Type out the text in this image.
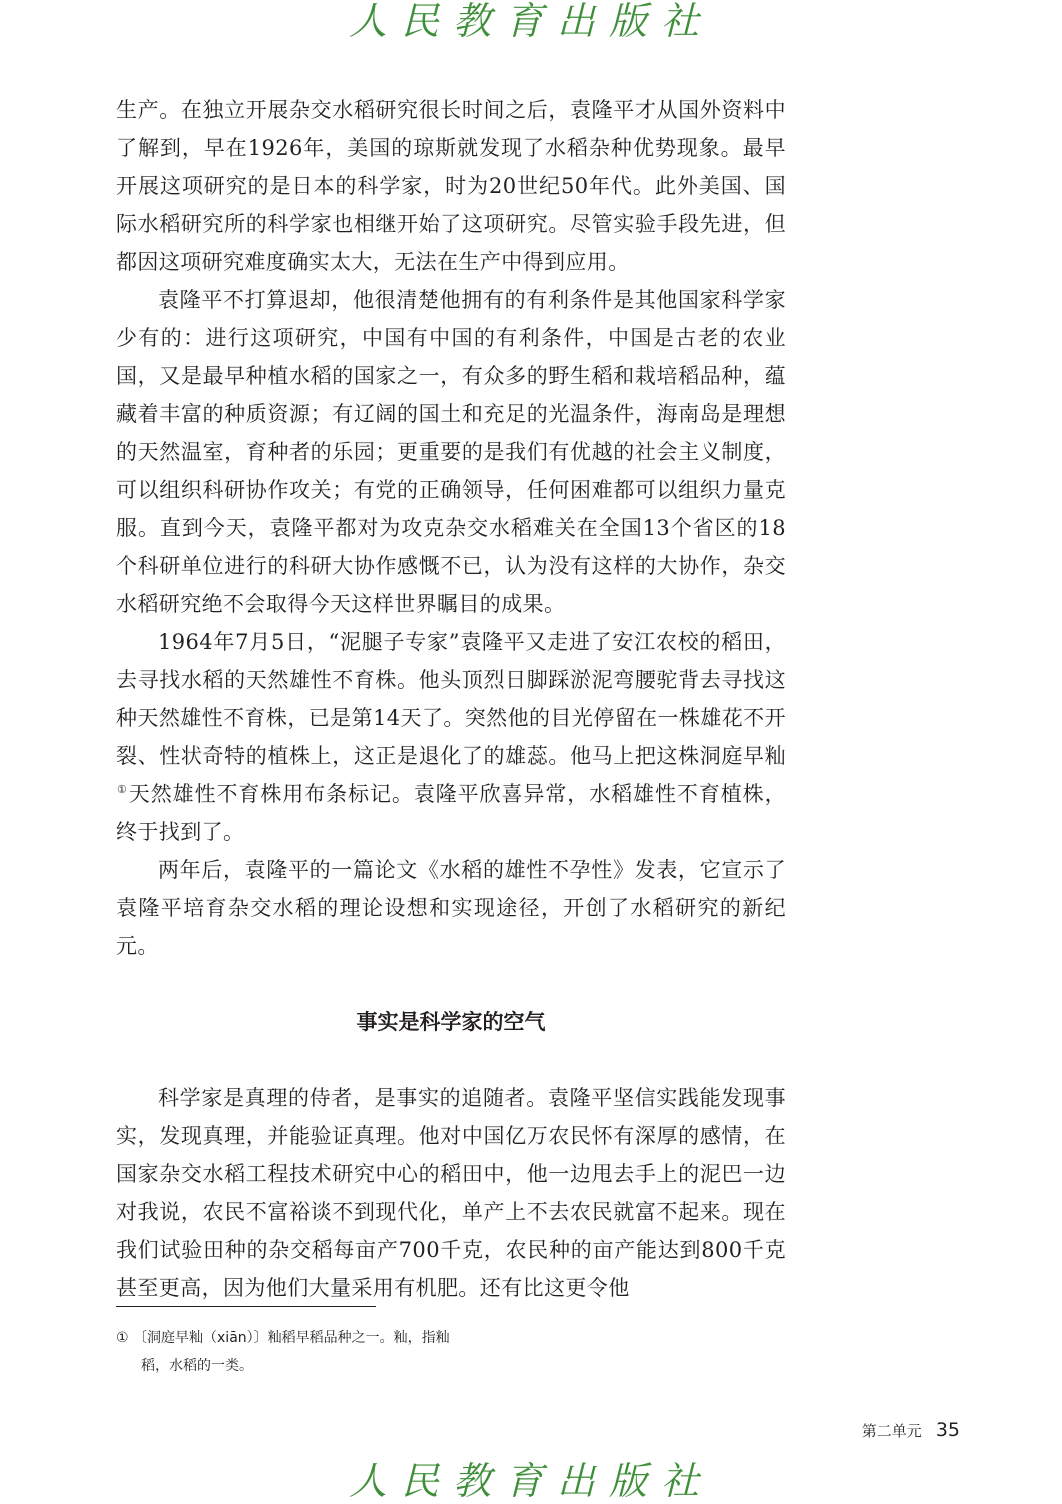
人民教育出版社

生产。在独立开展杂交水稻研究很长时间之后，袁隆平才从国外资料中了解到，早在1926年，美国的琼斯就发现了水稻杂种优势现象。最早开展这项研究的是日本的科学家，时为20世纪50年代。此外美国、国际水稻研究所的科学家也相继开始了这项研究。尽管实验手段先进，但都因这项研究难度确实太大，无法在生产中得到应用。

袁隆平不打算退却，他很清楚他拥有的有利条件是其他国家科学家少有的：进行这项研究，中国有中国的有利条件，中国是古老的农业国，又是最早种植水稻的国家之一，有众多的野生稻和栽培稻品种，蕴藏着丰富的种质资源；有辽阔的国土和充足的光温条件，海南岛是理想的天然温室，育种者的乐园；更重要的是我们有优越的社会主义制度，可以组织科研协作攻关；有党的正确领导，任何困难都可以组织力量克服。直到今天，袁隆平都对为攻克杂交水稻难关在全国13个省区的18个科研单位进行的科研大协作感慨不已，认为没有这样的大协作，杂交水稻研究绝不会取得今天这样世界瞩目的成果。

1964年7月5日，“泥腿子专家”袁隆平又走进了安江农校的稻田，去寻找水稻的天然雄性不育株。他头顶烈日脚踩淤泥弯腰驼背去寻找这种天然雄性不育株，已是第14天了。突然他的目光停留在一株雄花不开裂、性状奇特的植株上，这正是退化了的雄蕊。他马上把这株洞庭早籼①天然雄性不育株用布条标记。袁隆平欣喜异常，水稻雄性不育植株，终于找到了。

两年后，袁隆平的一篇论文《水稻的雄性不孕性》发表，它宣示了袁隆平培育杂交水稻的理论设想和实现途径，开创了水稻研究的新纪元。

事实是科学家的空气

科学家是真理的侍者，是事实的追随者。袁隆平坚信实践能发现事实，发现真理，并能验证真理。他对中国亿万农民怀有深厚的感情，在国家杂交水稻工程技术研究中心的稻田中，他一边甩去手上的泥巴一边对我说，农民不富裕谈不到现代化，单产上不去农民就富不起来。现在我们试验田种的杂交稻每亩产700千克，农民种的亩产能达到800千克甚至更高，因为他们大量采用有机肥。还有比这更令他

① 〔洞庭早籼（xiān）〕籼稻早稻品种之一。籼，指籼
稻，水稻的一类。
第二单元 35
人民教育出版社
